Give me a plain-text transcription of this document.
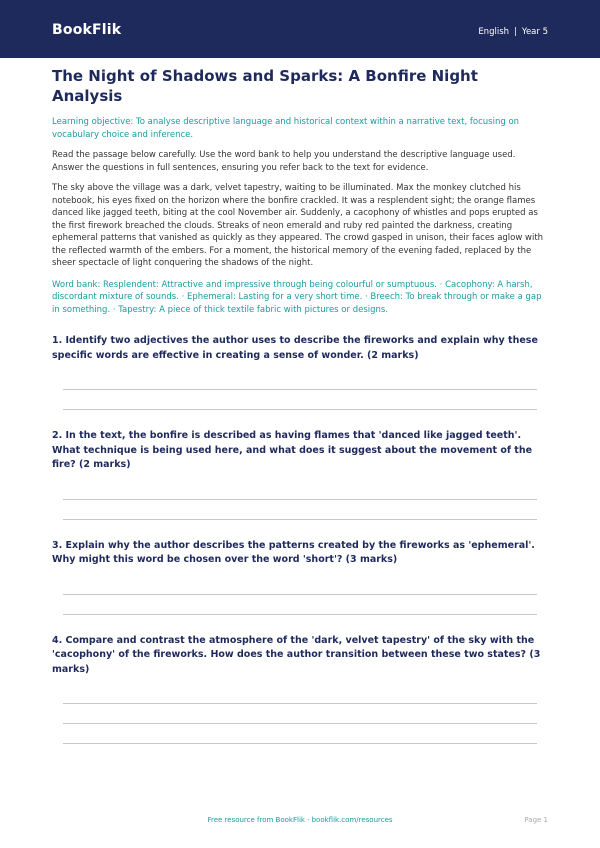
BookFlik	English | Year 5
The Night of Shadows and Sparks: A Bonfire Night Analysis
Learning objective: To analyse descriptive language and historical context within a narrative text, focusing on vocabulary choice and inference.
Read the passage below carefully. Use the word bank to help you understand the descriptive language used. Answer the questions in full sentences, ensuring you refer back to the text for evidence.
The sky above the village was a dark, velvet tapestry, waiting to be illuminated. Max the monkey clutched his notebook, his eyes fixed on the horizon where the bonfire crackled. It was a resplendent sight; the orange flames danced like jagged teeth, biting at the cool November air. Suddenly, a cacophony of whistles and pops erupted as the first firework breached the clouds. Streaks of neon emerald and ruby red painted the darkness, creating ephemeral patterns that vanished as quickly as they appeared. The crowd gasped in unison, their faces aglow with the reflected warmth of the embers. For a moment, the historical memory of the evening faded, replaced by the sheer spectacle of light conquering the shadows of the night.
Word bank: Resplendent: Attractive and impressive through being colourful or sumptuous. · Cacophony: A harsh, discordant mixture of sounds. · Ephemeral: Lasting for a very short time. · Breech: To break through or make a gap in something. · Tapestry: A piece of thick textile fabric with pictures or designs.
1. Identify two adjectives the author uses to describe the fireworks and explain why these specific words are effective in creating a sense of wonder. (2 marks)
2. In the text, the bonfire is described as having flames that 'danced like jagged teeth'. What technique is being used here, and what does it suggest about the movement of the fire? (2 marks)
3. Explain why the author describes the patterns created by the fireworks as 'ephemeral'. Why might this word be chosen over the word 'short'? (3 marks)
4. Compare and contrast the atmosphere of the 'dark, velvet tapestry' of the sky with the 'cacophony' of the fireworks. How does the author transition between these two states? (3 marks)
Free resource from BookFlik · bookflik.com/resources	Page 1
